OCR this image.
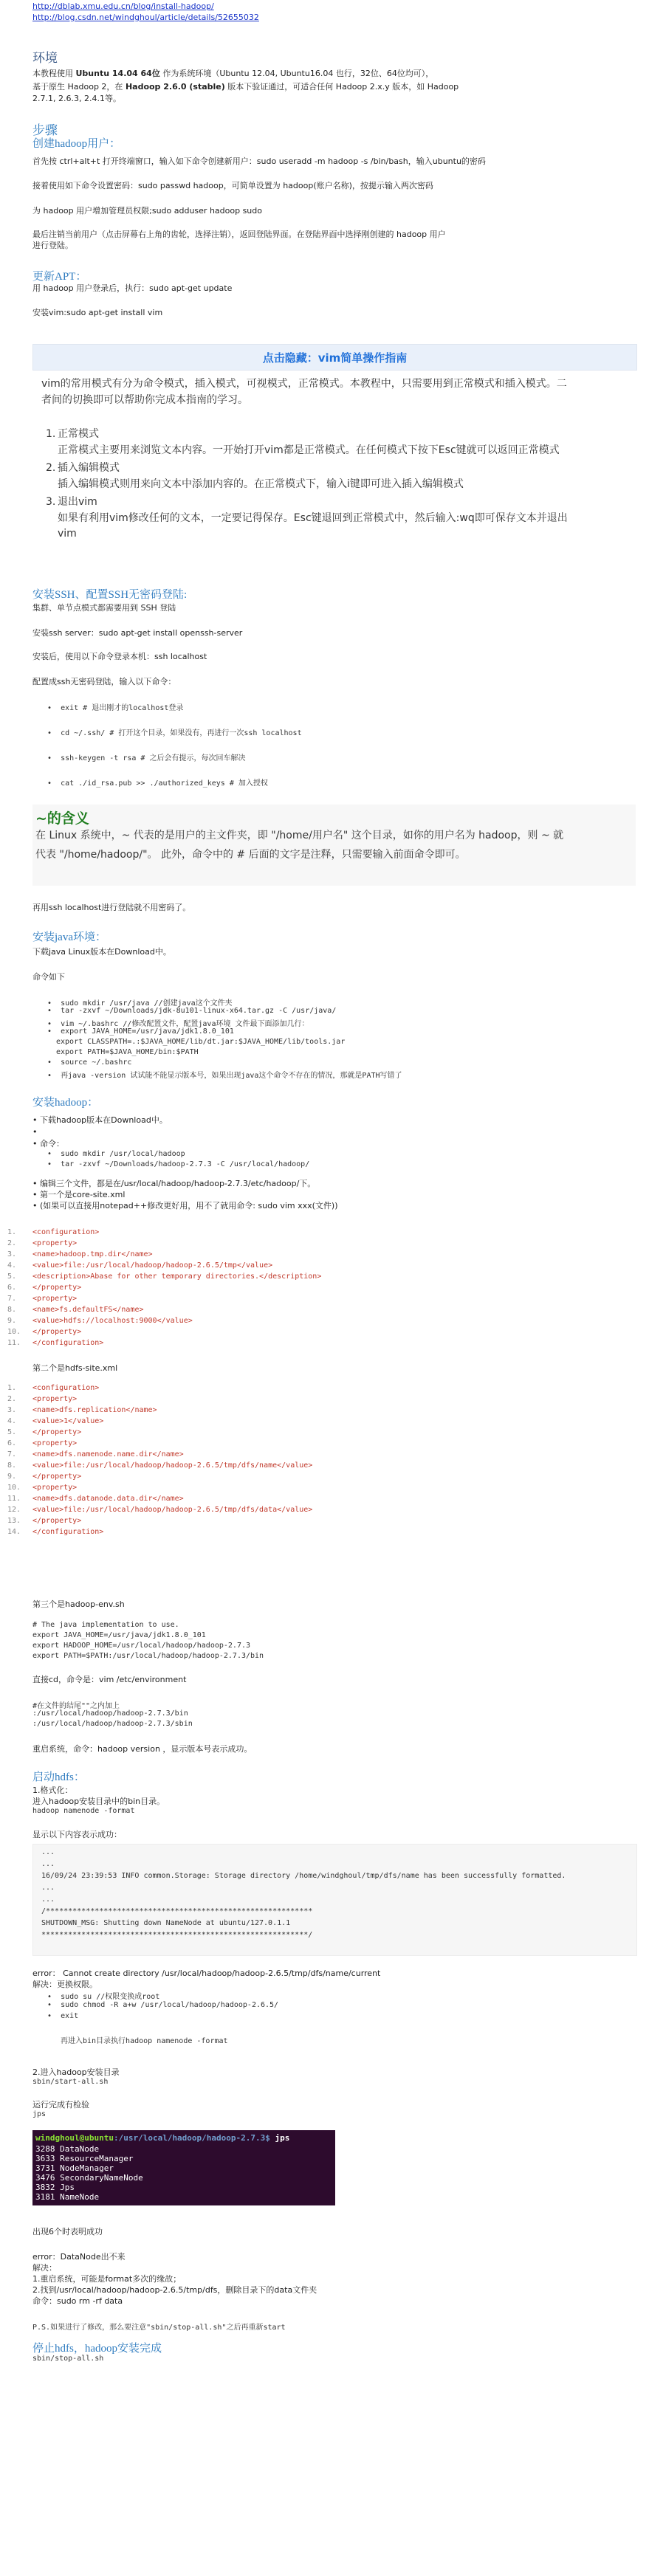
http://dblab.xmu.edu.cn/blog/install-hadoop/
http://blog.csdn.net/windghoul/article/details/52655032
环境
本教程使用 Ubuntu 14.04 64位 作为系统环境（Ubuntu 12.04, Ubuntu16.04 也行，32位、64位均可），
基于原生 Hadoop 2，在 Hadoop 2.6.0 (stable) 版本下验证通过，可适合任何 Hadoop 2.x.y 版本，如 Hadoop
2.7.1, 2.6.3, 2.4.1等。
步骤
创建hadoop用户：
首先按 ctrl+alt+t 打开终端窗口，输入如下命令创建新用户：sudo useradd -m hadoop -s /bin/bash，输入ubuntu的密码
接着使用如下命令设置密码：sudo passwd hadoop，可简单设置为 hadoop(账户名称)，按提示输入两次密码
为 hadoop 用户增加管理员权限;sudo adduser hadoop sudo
最后注销当前用户（点击屏幕右上角的齿轮，选择注销），返回登陆界面。在登陆界面中选择刚创建的 hadoop 用户
进行登陆。
更新APT：
用 hadoop 用户登录后，执行：sudo apt-get update
安装vim:sudo apt-get install vim
点击隐藏：vim简单操作指南
vim的常用模式有分为命令模式，插入模式，可视模式，正常模式。本教程中，只需要用到正常模式和插入模式。二
者间的切换即可以帮助你完成本指南的学习。
1. 正常模式
正常模式主要用来浏览文本内容。一开始打开vim都是正常模式。在任何模式下按下Esc键就可以返回正常模式
2. 插入编辑模式
插入编辑模式则用来向文本中添加内容的。在正常模式下，输入i键即可进入插入编辑模式
3. 退出vim
如果有利用vim修改任何的文本，一定要记得保存。Esc键退回到正常模式中，然后输入:wq即可保存文本并退出
vim
安装SSH、配置SSH无密码登陆:
集群、单节点模式都需要用到 SSH 登陆
安装ssh server：sudo apt-get install openssh-server
安装后，使用以下命令登录本机：ssh localhost
配置成ssh无密码登陆，输入以下命令：
•  exit # 退出刚才的localhost登录
•  cd ~/.ssh/ # 打开这个目录，如果没有，再进行一次ssh localhost
•  ssh-keygen -t rsa # 之后会有提示，每次回车解决
•  cat ./id_rsa.pub >> ./authorized_keys # 加入授权
~的含义
在 Linux 系统中，~ 代表的是用户的主文件夹，即 "/home/用户名" 这个目录，如你的用户名为 hadoop，则 ~ 就
代表 "/home/hadoop/"。 此外，命令中的 # 后面的文字是注释，只需要输入前面命令即可。
再用ssh localhost进行登陆就不用密码了。
安装java环境：
下载java Linux版本在Download中。
命令如下
•  sudo mkdir /usr/java //创建java这个文件夹
•  tar -zxvf ~/Downloads/jdk-8u101-linux-x64.tar.gz -C /usr/java/
•  vim ~/.bashrc //修改配置文件，配置java环境 文件最下面添加几行：
•  export JAVA_HOME=/usr/java/jdk1.8.0_101
export CLASSPATH=.:$JAVA_HOME/lib/dt.jar:$JAVA_HOME/lib/tools.jar
export PATH=$JAVA_HOME/bin:$PATH
•  source ~/.bashrc
•  再java -version 试试能不能显示版本号，如果出现java这个命令不存在的情况，那就是PATH写错了
安装hadoop：
• 下载hadoop版本在Download中。
•
• 命令：
•  sudo mkdir /usr/local/hadoop
•  tar -zxvf ~/Downloads/hadoop-2.7.3 -C /usr/local/hadoop/
• 编辑三个文件，都是在/usr/local/hadoop/hadoop-2.7.3/etc/hadoop/下。
• 第一个是core-site.xml
• (如果可以直接用notepad++修改更好用，用不了就用命令: sudo vim xxx(文件))
1. <configuration>
2. <property>
3. <name>hadoop.tmp.dir</name>
4. <value>file:/usr/local/hadoop/hadoop-2.6.5/tmp</value>
5. <description>Abase for other temporary directories.</description>
6. </property>
7. <property>
8. <name>fs.defaultFS</name>
9. <value>hdfs://localhost:9000</value>
10. </property>
11. </configuration>
第二个是hdfs-site.xml
1. <configuration>
2. <property>
3. <name>dfs.replication</name>
4. <value>1</value>
5. </property>
6. <property>
7. <name>dfs.namenode.name.dir</name>
8. <value>file:/usr/local/hadoop/hadoop-2.6.5/tmp/dfs/name</value>
9. </property>
10. <property>
11. <name>dfs.datanode.data.dir</name>
12. <value>file:/usr/local/hadoop/hadoop-2.6.5/tmp/dfs/data</value>
13. </property>
14. </configuration>
第三个是hadoop-env.sh
# The java implementation to use.
export JAVA_HOME=/usr/java/jdk1.8.0_101
export HADOOP_HOME=/usr/local/hadoop/hadoop-2.7.3
export PATH=$PATH:/usr/local/hadoop/hadoop-2.7.3/bin
直接cd，命令是：vim /etc/environment
#在文件的结尾""之内加上
:/usr/local/hadoop/hadoop-2.7.3/bin
:/usr/local/hadoop/hadoop-2.7.3/sbin
重启系统，命令：hadoop version ，显示版本号表示成功。
启动hdfs：
1.格式化：
进入hadoop安装目录中的bin目录。
hadoop namenode -format
显示以下内容表示成功：
...
...
16/09/24 23:39:53 INFO common.Storage: Storage directory /home/windghoul/tmp/dfs/name has been successfully formatted.
...
...
/************************************************************
SHUTDOWN_MSG: Shutting down NameNode at ubuntu/127.0.1.1
************************************************************/
error： Cannot create directory /usr/local/hadoop/hadoop-2.6.5/tmp/dfs/name/current
解决：更换权限。
•  sudo su //权限变换成root
•  sudo chmod -R a+w /usr/local/hadoop/hadoop-2.6.5/
•  exit
再进入bin目录执行hadoop namenode -format
2.进入hadoop安装目录
sbin/start-all.sh
运行完成有检验
jps
windghoul@ubuntu:/usr/local/hadoop/hadoop-2.7.3$ jps
3288 DataNode
3633 ResourceManager
3731 NodeManager
3476 SecondaryNameNode
3832 Jps
3181 NameNode
出现6个时表明成功
error：DataNode出不来
解决：
1.重启系统，可能是format多次的缘故；
2.找到/usr/local/hadoop/hadoop-2.6.5/tmp/dfs，删除目录下的data文件夹
命令：sudo rm -rf data
P.S.如果进行了修改，那么要注意"sbin/stop-all.sh"之后再重新start
停止hdfs，hadoop安装完成
sbin/stop-all.sh
